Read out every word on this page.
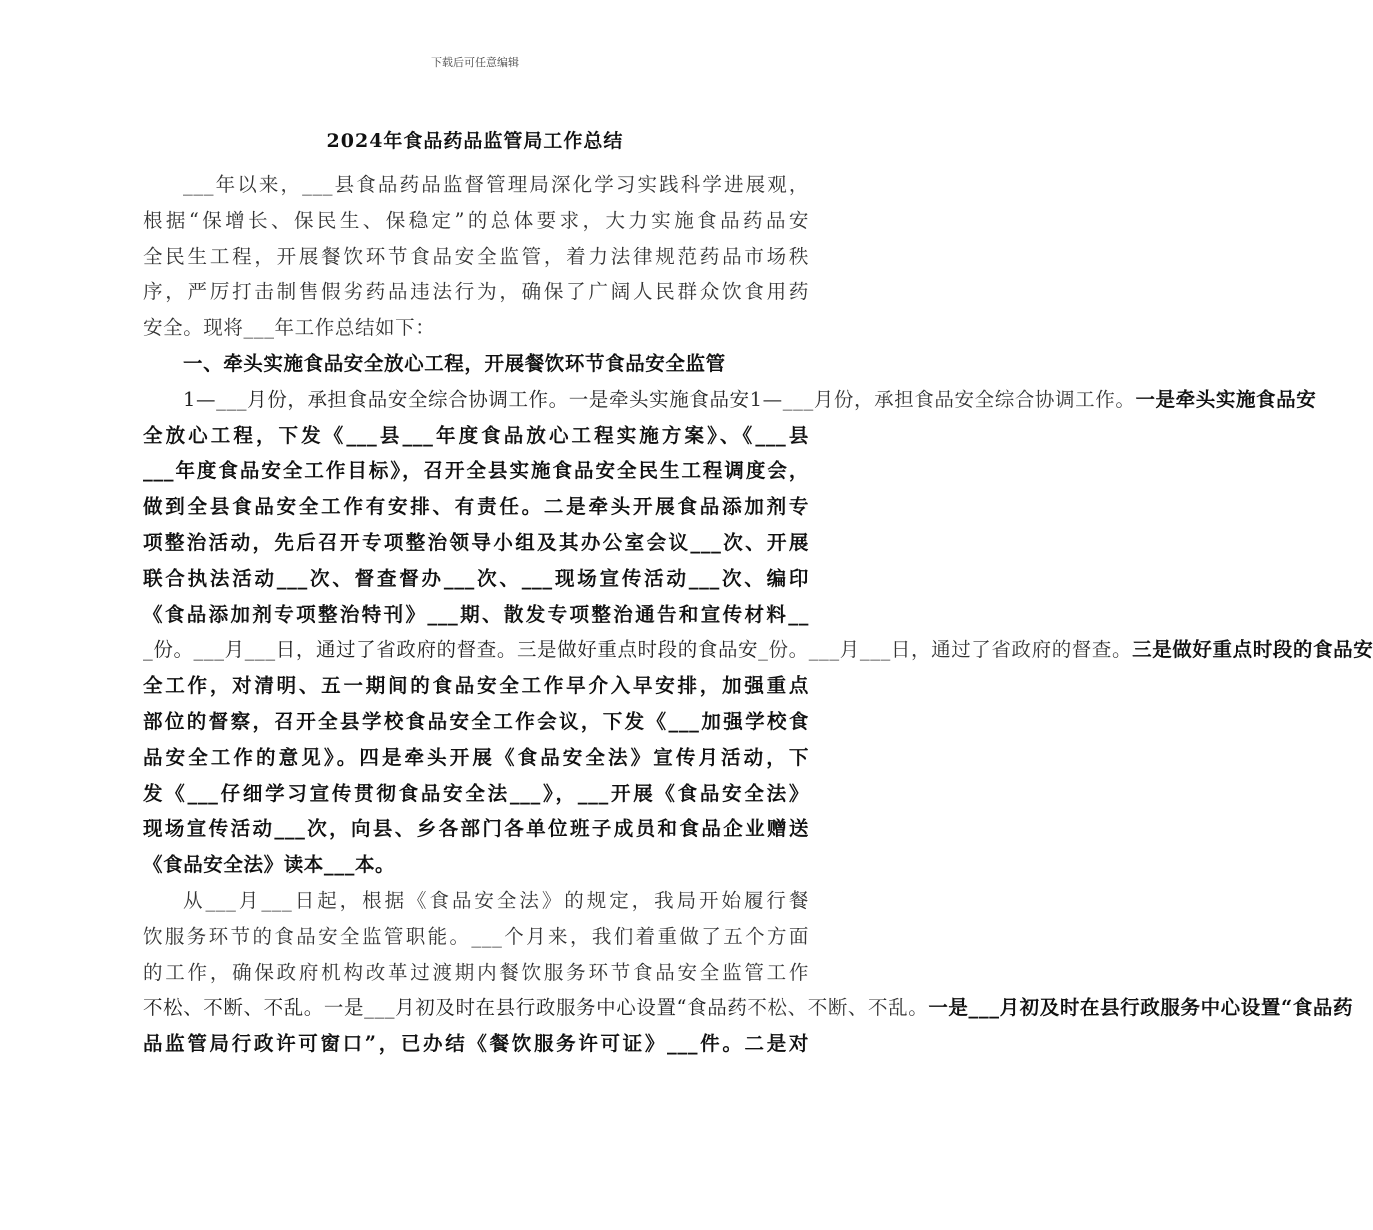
下载后可任意编辑
2024年食品药品监管局工作总结
___年以来，___县食品药品监督管理局深化学习实践科学进展观，
根据“保增长、保民生、保稳定”的总体要求，大力实施食品药品安
全民生工程，开展餐饮环节食品安全监管，着力法律规范药品市场秩
序，严厉打击制售假劣药品违法行为，确保了广阔人民群众饮食用药
安全。现将___年工作总结如下：
一、牵头实施食品安全放心工程，开展餐饮环节食品安全监管
1—___月份，承担食品安全综合协调工作。一是牵头实施食品安1—___月份，承担食品安全综合协调工作。一是牵头实施食品安
全放心工程，下发《___县___年度食品放心工程实施方案》、《___县
___年度食品安全工作目标》，召开全县实施食品安全民生工程调度会，
做到全县食品安全工作有安排、有责任。二是牵头开展食品添加剂专
项整治活动，先后召开专项整治领导小组及其办公室会议___次、开展
联合执法活动___次、督查督办___次、___现场宣传活动___次、编印
《食品添加剂专项整治特刊》___期、散发专项整治通告和宣传材料__
_份。___月___日，通过了省政府的督查。三是做好重点时段的食品安_份。___月___日，通过了省政府的督查。三是做好重点时段的食品安
全工作，对清明、五一期间的食品安全工作早介入早安排，加强重点
部位的督察，召开全县学校食品安全工作会议，下发《___加强学校食
品安全工作的意见》。四是牵头开展《食品安全法》宣传月活动，下
发《___仔细学习宣传贯彻食品安全法___》，___开展《食品安全法》
现场宣传活动___次，向县、乡各部门各单位班子成员和食品企业赠送
《食品安全法》读本___本。
从___月___日起，根据《食品安全法》的规定，我局开始履行餐
饮服务环节的食品安全监管职能。___个月来，我们着重做了五个方面
的工作，确保政府机构改革过渡期内餐饮服务环节食品安全监管工作
不松、不断、不乱。一是___月初及时在县行政服务中心设置“食品药不松、不断、不乱。一是___月初及时在县行政服务中心设置“食品药
品监管局行政许可窗口”，已办结《餐饮服务许可证》___件。二是对
